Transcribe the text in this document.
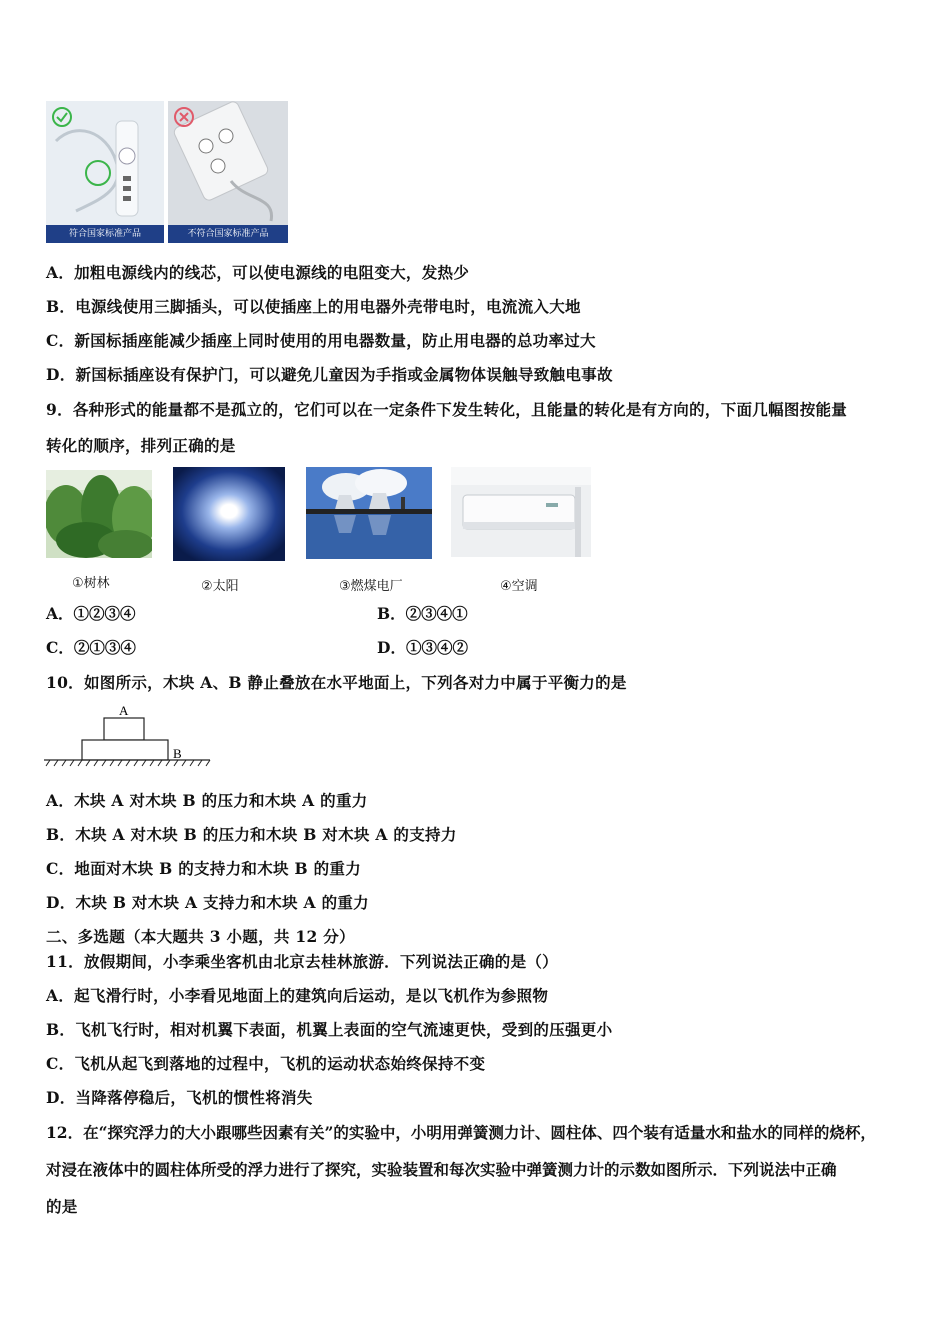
符合国家标准产品	不符合国家标准产品
A．加粗电源线内的线芯，可以使电源线的电阻变大，发热少
B．电源线使用三脚插头，可以使插座上的用电器外壳带电时，电流流入大地
C．新国标插座能减少插座上同时使用的用电器数量，防止用电器的总功率过大
D．新国标插座设有保护门，可以避免儿童因为手指或金属物体误触导致触电事故
9．各种形式的能量都不是孤立的，它们可以在一定条件下发生转化，且能量的转化是有方向的，下面几幅图按能量
转化的顺序，排列正确的是
①树林	②太阳	③燃煤电厂	④空调
A．①②③④	B．②③④①
C．②①③④	D．①③④②
10．如图所示，木块 A、B 静止叠放在水平地面上，下列各对力中属于平衡力的是
A
B
A．木块 A 对木块 B 的压力和木块 A 的重力
B．木块 A 对木块 B 的压力和木块 B 对木块 A 的支持力
C．地面对木块 B 的支持力和木块 B 的重力
D．木块 B 对木块 A 支持力和木块 A 的重力
二、多选题（本大题共 3 小题，共 12 分）
11．放假期间，小李乘坐客机由北京去桂林旅游．下列说法正确的是（）
A．起飞滑行时，小李看见地面上的建筑向后运动，是以飞机作为参照物
B．飞机飞行时，相对机翼下表面，机翼上表面的空气流速更快，受到的压强更小
C．飞机从起飞到落地的过程中，飞机的运动状态始终保持不变
D．当降落停稳后，飞机的惯性将消失
12．在“探究浮力的大小跟哪些因素有关”的实验中，小明用弹簧测力计、圆柱体、四个装有适量水和盐水的同样的烧杯，
对浸在液体中的圆柱体所受的浮力进行了探究，实验装置和每次实验中弹簧测力计的示数如图所示．下列说法中正确
的是
